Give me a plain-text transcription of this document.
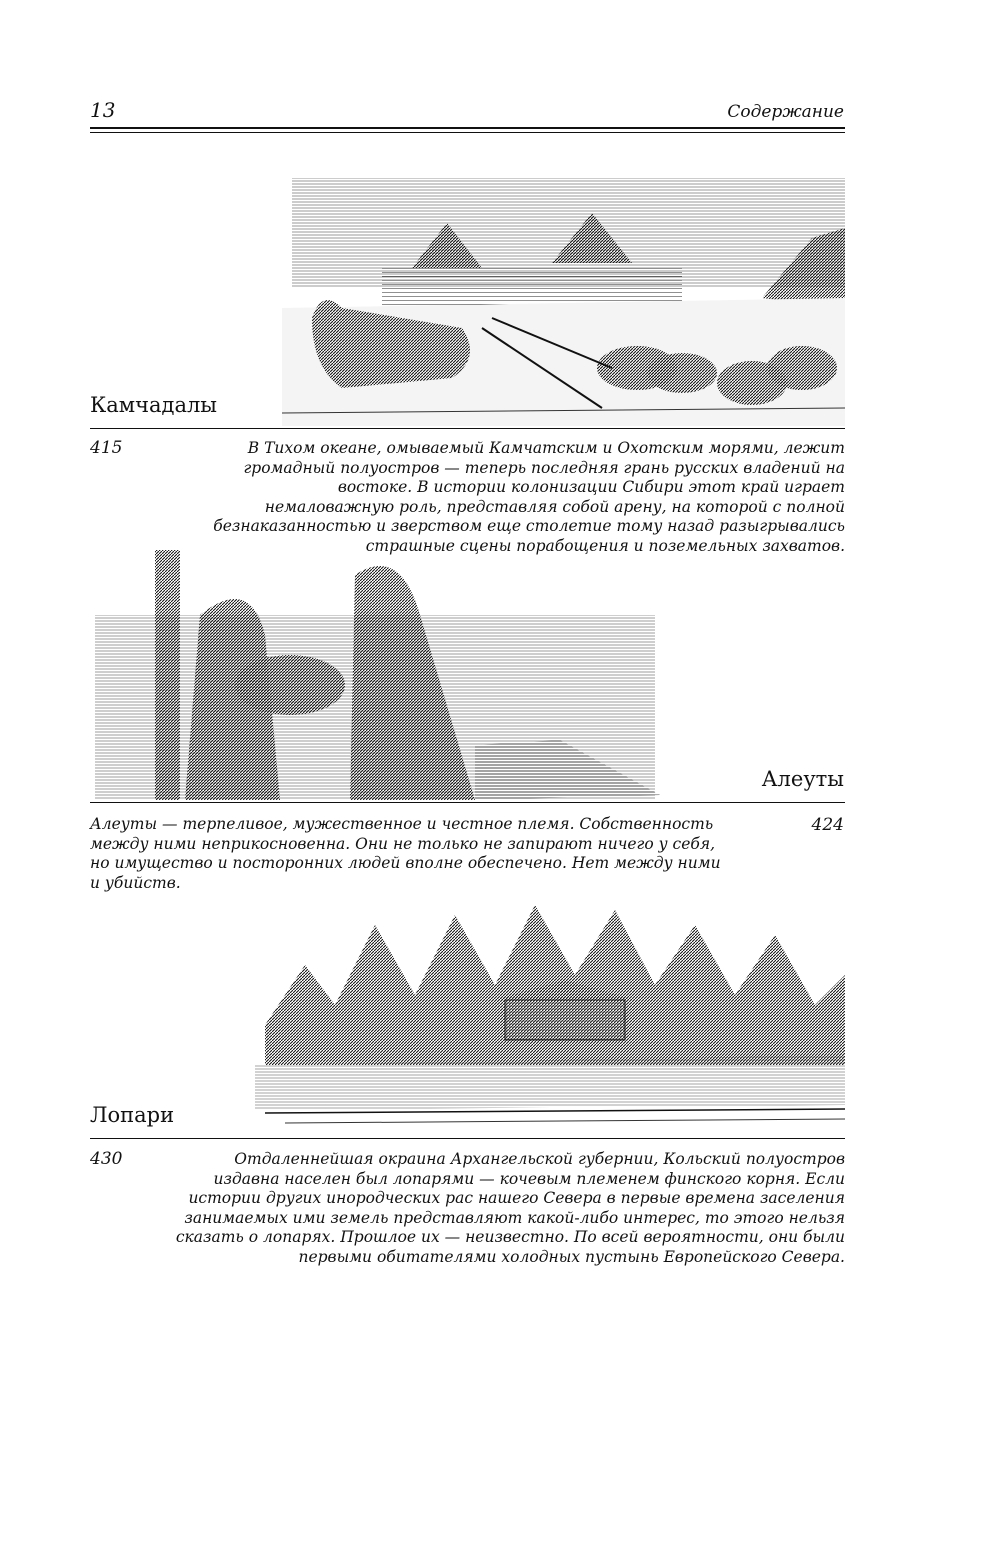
13	Содержание
Камчадалы
415	В Тихом океане, омываемый Камчатским и Охотским морями, лежит громадный полуостров — теперь последняя грань русских владений на востоке. В истории колонизации Сибири этот край играет немаловажную роль, представляя собой арену, на которой с полной безнаказанностью и зверством еще столетие тому назад разыгрывались страшные сцены порабощения и поземельных захватов.
Алеуты
424
Алеуты — терпеливое, мужественное и честное племя. Собственность между ними неприкосновенна. Они не только не запирают ничего у себя, но имущество и посторонних людей вполне обеспечено. Нет между ними и убийств.
Лопари
430	Отдаленнейшая окраина Архангельской губернии, Кольский полуостров издавна населен был лопарями — кочевым племенем финского корня. Если истории других инородческих рас нашего Севера в первые времена заселения занимаемых ими земель представляют какой-либо интерес, то этого нельзя сказать о лопарях. Прошлое их — неизвестно. По всей вероятности, они были первыми обитателями холодных пустынь Европейского Севера.
